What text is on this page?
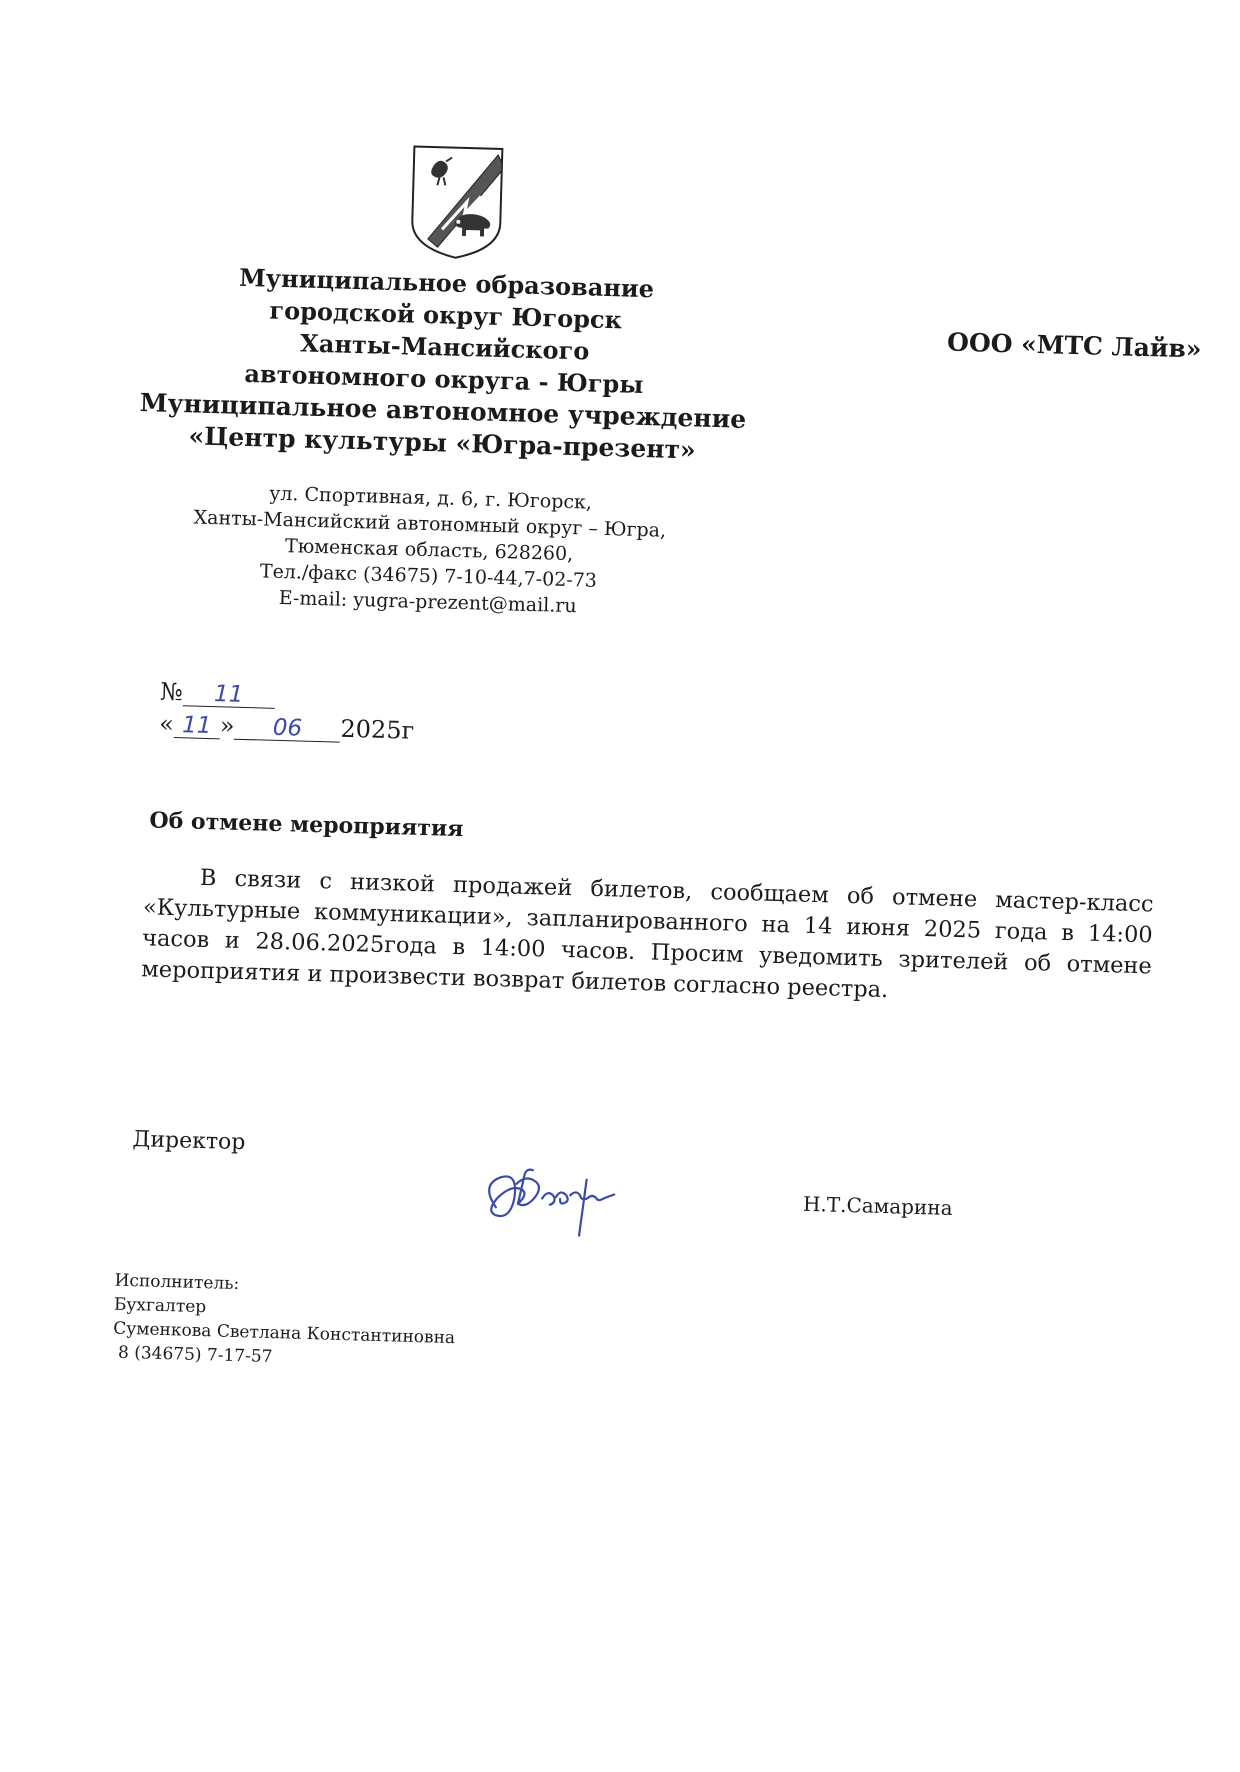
Муниципальное образование
городской округ Югорск
Ханты-Мансийского
автономного округа - Югры
Муниципальное автономное учреждение
«Центр культуры «Югра-презент»
ООО «МТС Лайв»
ул. Спортивная, д. 6, г. Югорск,
Ханты-Мансийский автономный округ – Югра,
Тюменская область, 628260,
Тел./факс (34675) 7-10-44,7-02-73
E-mail: yugra-prezent@mail.ru
№ 11
« 11 » 06 2025г
Об отмене мероприятия
В связи с низкой продажей билетов, сообщаем об отмене мастер-класс «Культурные коммуникации», запланированного на 14 июня 2025 года в 14:00 часов и 28.06.2025года в 14:00 часов. Просим уведомить зрителей об отмене мероприятия и произвести возврат билетов согласно реестра.
Директор
Н.Т.Самарина
Исполнитель:
Бухгалтер
Суменкова Светлана Константиновна
8 (34675) 7-17-57
